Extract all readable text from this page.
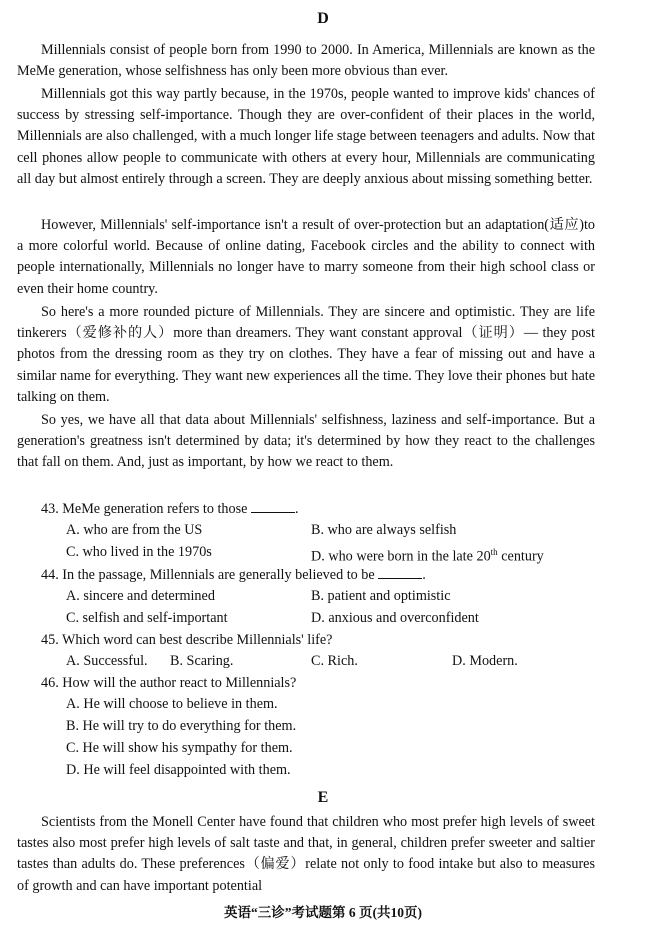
D

Millennials consist of people born from 1990 to 2000. In America, Millennials are known as the MeMe generation, whose selfishness has only been more obvious than ever.

Millennials got this way partly because, in the 1970s, people wanted to improve kids' chances of success by stressing self-importance. Though they are over-confident of their places in the world, Millennials are also challenged, with a much longer life stage between teenagers and adults. Now that cell phones allow people to communicate with others at every hour, Millennials are communicating all day but almost entirely through a screen. They are deeply anxious about missing something better.

However, Millennials' self-importance isn't a result of over-protection but an adaptation(适应)to a more colorful world. Because of online dating, Facebook circles and the ability to connect with people internationally, Millennials no longer have to marry someone from their high school class or even their home country.

So here's a more rounded picture of Millennials. They are sincere and optimistic. They are life tinkerers（爱修补的人）more than dreamers. They want constant approval（证明）— they post photos from the dressing room as they try on clothes. They have a fear of missing out and have a similar name for everything. They want new experiences all the time. They love their phones but hate talking on them.

So yes, we have all that data about Millennials' selfishness, laziness and self-importance. But a generation's greatness isn't determined by data; it's determined by how they react to the challenges that fall on them. And, just as important, by how we react to them.

43. MeMe generation refers to those	.
A. who are from the US	B. who are always selfish
C. who lived in the 1970s	D. who were born in the late 20th century
44. In the passage, Millennials are generally believed to be	.
A. sincere and determined	B. patient and optimistic
C. selfish and self-important	D. anxious and overconfident
45. Which word can best describe Millennials' life?
A. Successful. B. Scaring.	C. Rich.	D. Modern.
46. How will the author react to Millennials?
A. He will choose to believe in them.
B. He will try to do everything for them.
C. He will show his sympathy for them.
D. He will feel disappointed with them.
E

Scientists from the Monell Center have found that children who most prefer high levels of sweet tastes also most prefer high levels of salt taste and that, in general, children prefer sweeter and saltier tastes than adults do. These preferences（偏爱）relate not only to food intake but also to measures of growth and can have important potential

英语“三诊”考试题第 6 页(共10页)
